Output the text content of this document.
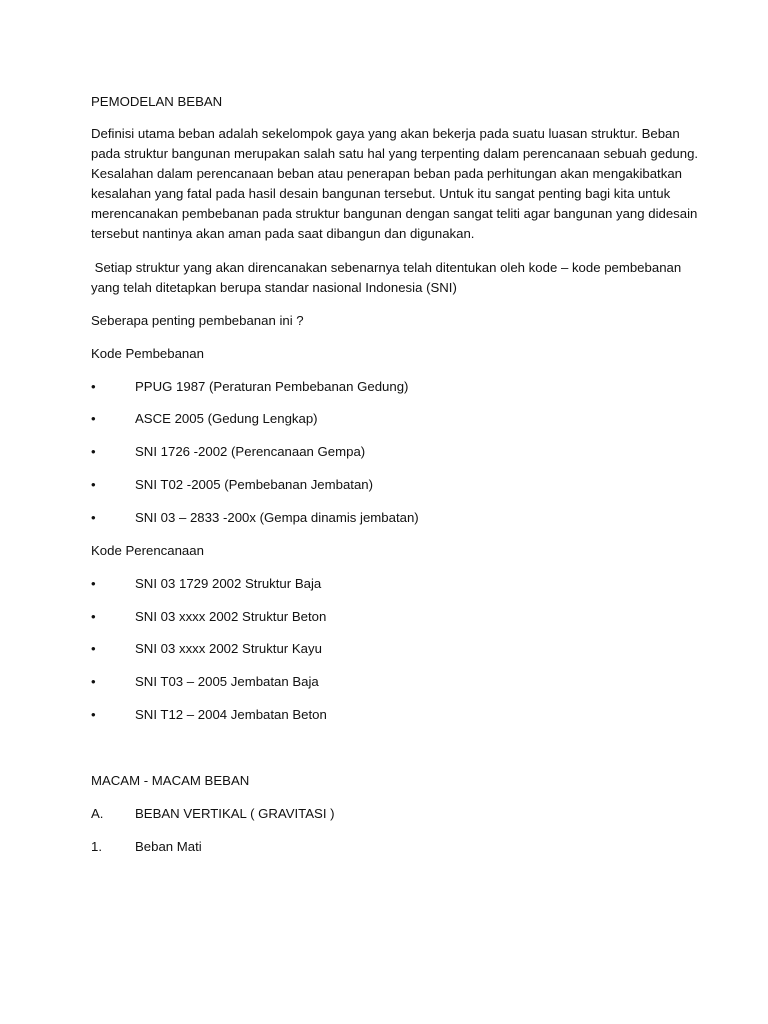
PEMODELAN BEBAN

Definisi utama beban adalah sekelompok gaya yang akan bekerja pada suatu luasan struktur. Beban

pada struktur bangunan merupakan salah satu hal yang terpenting dalam perencanaan sebuah gedung.

Kesalahan dalam perencanaan beban atau penerapan beban pada perhitungan akan mengakibatkan

kesalahan yang fatal pada hasil desain bangunan tersebut. Untuk itu sangat penting bagi kita untuk

merencanakan pembebanan pada struktur bangunan dengan sangat teliti agar bangunan yang didesain

tersebut nantinya akan aman pada saat dibangun dan digunakan.

Setiap struktur yang akan direncanakan sebenarnya telah ditentukan oleh kode – kode pembebanan

yang telah ditetapkan berupa standar nasional Indonesia (SNI)

Seberapa penting pembebanan ini ?
Kode Pembebanan
•	PPUG 1987 (Peraturan Pembebanan Gedung)
•	ASCE 2005 (Gedung Lengkap)
•	SNI 1726 -2002 (Perencanaan Gempa)
•	SNI T02 -2005 (Pembebanan Jembatan)
•	SNI 03 – 2833 -200x (Gempa dinamis jembatan)
Kode Perencanaan
•	SNI 03 1729 2002 Struktur Baja
•	SNI 03 xxxx 2002 Struktur Beton
•	SNI 03 xxxx 2002 Struktur Kayu
•	SNI T03 – 2005 Jembatan Baja
•	SNI T12 – 2004 Jembatan Beton
MACAM - MACAM BEBAN
A. BEBAN VERTIKAL ( GRAVITASI )
1.	Beban Mati
